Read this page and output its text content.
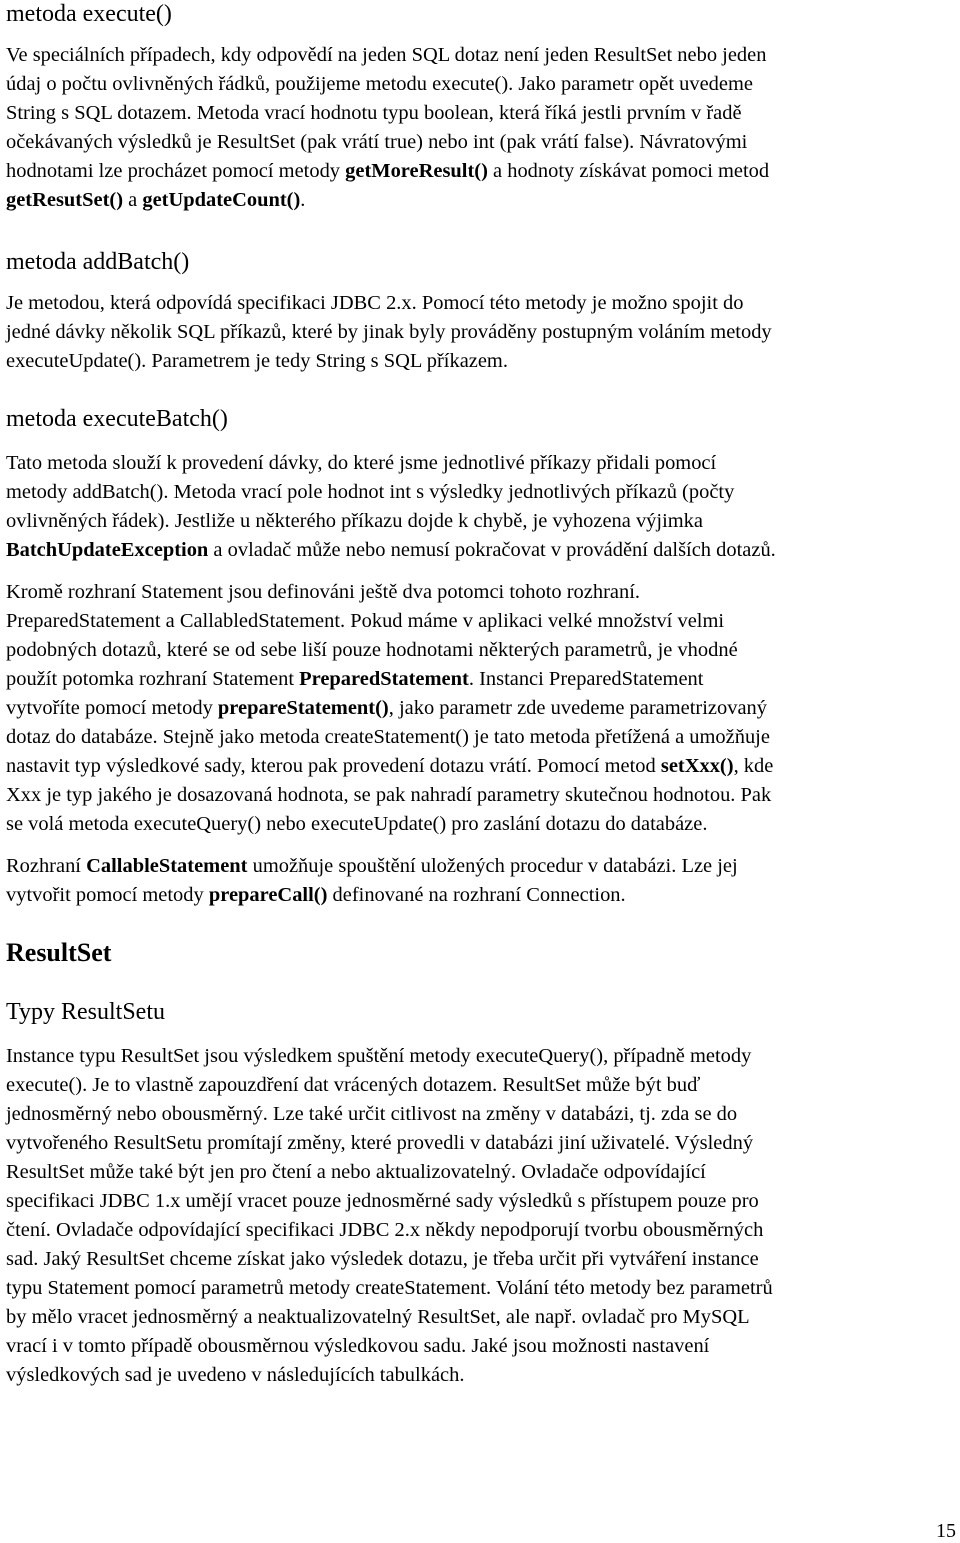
metoda execute()
Ve speciálních případech, kdy odpovědí na jeden SQL dotaz není jeden ResultSet nebo jeden
údaj o počtu ovlivněných řádků, použijeme metodu execute(). Jako parametr opět uvedeme
String s SQL dotazem. Metoda vrací hodnotu typu boolean, která říká jestli prvním v řadě
očekávaných výsledků je ResultSet (pak vrátí true) nebo int (pak vrátí false). Návratovými
hodnotami lze procházet pomocí metody getMoreResult() a hodnoty získávat pomoci metod
getResutSet() a getUpdateCount().
metoda addBatch()
Je metodou, která odpovídá specifikaci JDBC 2.x. Pomocí této metody je možno spojit do
jedné dávky několik SQL příkazů, které by jinak byly prováděny postupným voláním metody
executeUpdate(). Parametrem je tedy String s SQL příkazem.
metoda executeBatch()
Tato metoda slouží k provedení dávky, do které jsme jednotlivé příkazy přidali pomocí
metody addBatch(). Metoda vrací pole hodnot int s výsledky jednotlivých příkazů (počty
ovlivněných řádek). Jestliže u některého příkazu dojde k chybě, je vyhozena výjimka
BatchUpdateException a ovladač může nebo nemusí pokračovat v provádění dalších dotazů.
Kromě rozhraní Statement jsou definováni ještě dva potomci tohoto rozhraní.
PreparedStatement a CallabledStatement. Pokud máme v aplikaci velké množství velmi
podobných dotazů, které se od sebe liší pouze hodnotami některých parametrů, je vhodné
použít potomka rozhraní Statement PreparedStatement. Instanci PreparedStatement
vytvoříte pomocí metody prepareStatement(), jako parametr zde uvedeme parametrizovaný
dotaz do databáze. Stejně jako metoda createStatement() je tato metoda přetížená a umožňuje
nastavit typ výsledkové sady, kterou pak provedení dotazu vrátí. Pomocí metod setXxx(), kde
Xxx je typ jakého je dosazovaná hodnota, se pak nahradí parametry skutečnou hodnotou. Pak
se volá metoda executeQuery() nebo executeUpdate() pro zaslání dotazu do databáze.
Rozhraní CallableStatement umožňuje spouštění uložených procedur v databázi. Lze jej
vytvořit pomocí metody prepareCall() definované na rozhraní Connection.
ResultSet
Typy ResultSetu
Instance typu ResultSet jsou výsledkem spuštění metody executeQuery(), případně metody
execute(). Je to vlastně zapouzdření dat vrácených dotazem. ResultSet může být buď
jednosměrný nebo obousměrný. Lze také určit citlivost na změny v databázi, tj. zda se do
vytvořeného ResultSetu promítají změny, které provedli v databázi jiní uživatelé. Výsledný
ResultSet může také být jen pro čtení a nebo aktualizovatelný. Ovladače odpovídající
specifikaci JDBC 1.x umějí vracet pouze jednosměrné sady výsledků s přístupem pouze pro
čtení. Ovladače odpovídající specifikaci JDBC 2.x někdy nepodporují tvorbu obousměrných
sad. Jaký ResultSet chceme získat jako výsledek dotazu, je třeba určit při vytváření instance
typu Statement pomocí parametrů metody createStatement. Volání této metody bez parametrů
by mělo vracet jednosměrný a neaktualizovatelný ResultSet, ale např. ovladač pro MySQL
vrací i v tomto případě obousměrnou výsledkovou sadu. Jaké jsou možnosti nastavení
výsledkových sad je uvedeno v následujících tabulkách.
15
